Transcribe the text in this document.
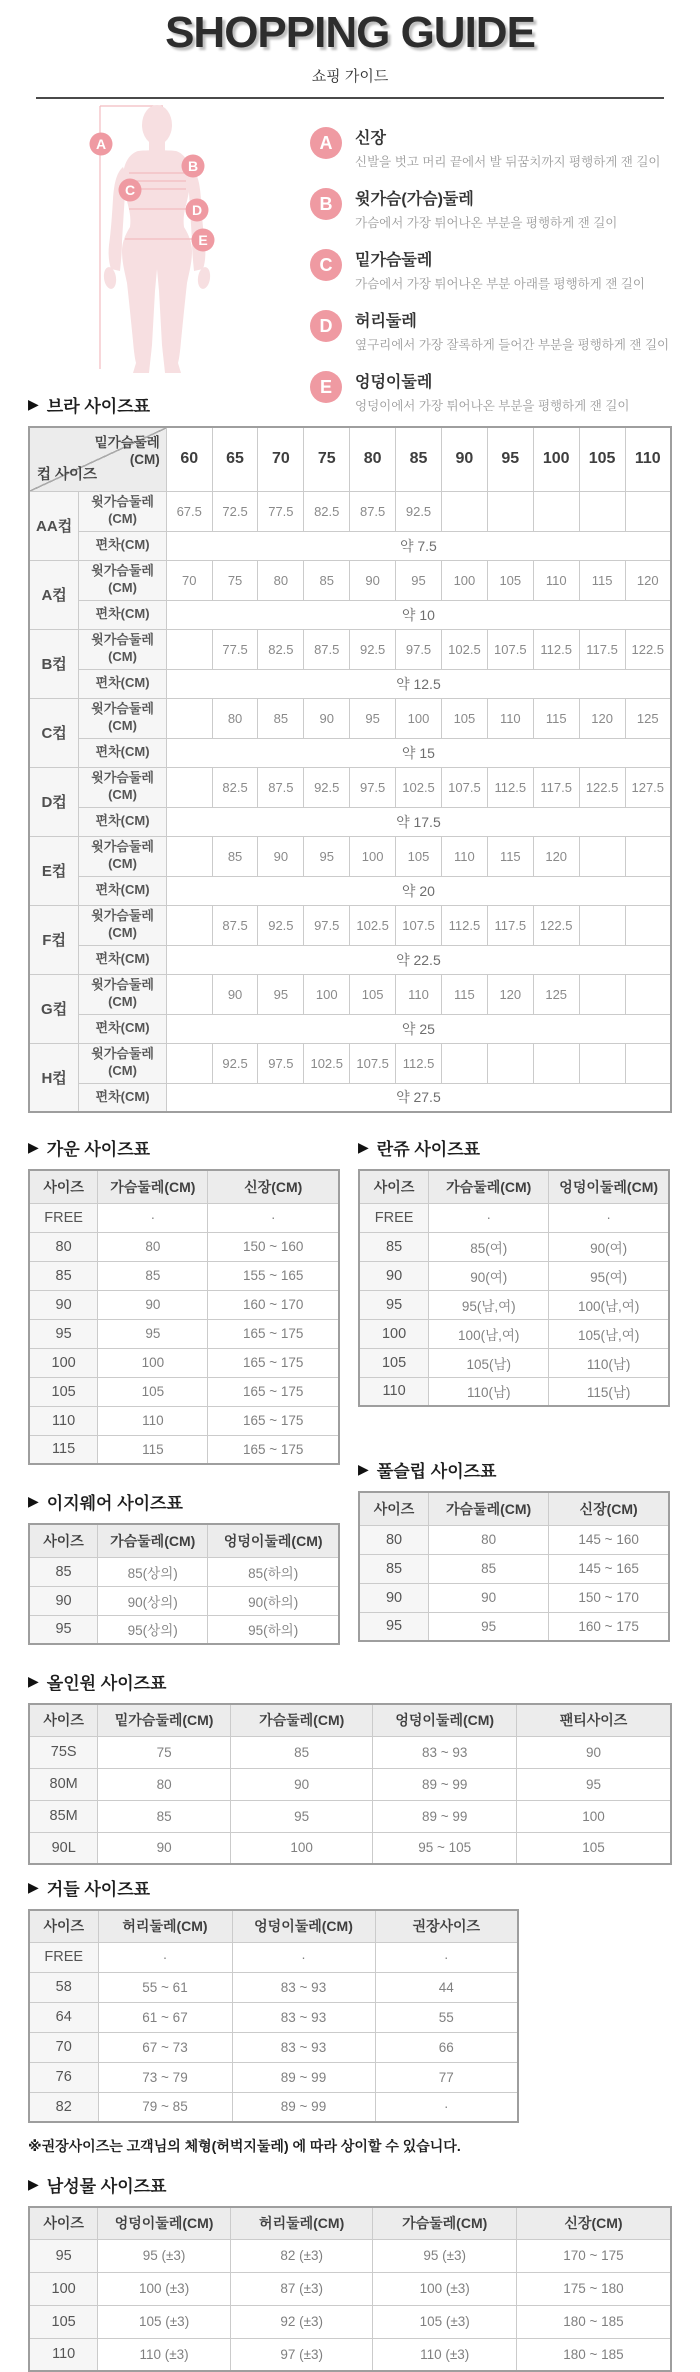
SHOPPING GUIDE
쇼핑 가이드
A
B
C
D
E
A	신장
신발을 벗고 머리 끝에서 발 뒤꿈치까지 평행하게 잰 길이
B	윗가슴(가슴)둘레
가슴에서 가장 튀어나온 부분을 평행하게 잰 길이
C	밑가슴둘레
가슴에서 가장 튀어나온 부분 아래를 평행하게 잰 길이
D	허리둘레
옆구리에서 가장 잘록하게 들어간 부분을 평행하게 잰 길이
E	엉덩이둘레
엉덩이에서 가장 튀어나온 부분을 평행하게 잰 길이
▶ 브라 사이즈표
밑가슴둘레 (CM)
컵 사이즈		60	65	70	75	80	85	90	95	100	105	110
AA컵	윗가슴둘레 (CM)	67.5	72.5	77.5	82.5	87.5	92.5					
	편차(CM)	약 7.5										
A컵	윗가슴둘레 (CM)	70	75	80	85	90	95	100	105	110	115	120
	편차(CM)	약 10										
B컵	윗가슴둘레 (CM)		77.5	82.5	87.5	92.5	97.5	102.5	107.5	112.5	117.5	122.5
	편차(CM)	약 12.5										
C컵	윗가슴둘레 (CM)		80	85	90	95	100	105	110	115	120	125
	편차(CM)	약 15										
D컵	윗가슴둘레 (CM)		82.5	87.5	92.5	97.5	102.5	107.5	112.5	117.5	122.5	127.5
	편차(CM)	약 17.5										
E컵	윗가슴둘레 (CM)		85	90	95	100	105	110	115	120		
	편차(CM)	약 20										
F컵	윗가슴둘레 (CM)		87.5	92.5	97.5	102.5	107.5	112.5	117.5	122.5		
	편차(CM)	약 22.5										
G컵	윗가슴둘레 (CM)		90	95	100	105	110	115	120	125		
	편차(CM)	약 25										
H컵	윗가슴둘레 (CM)		92.5	97.5	102.5	107.5	112.5					
	편차(CM)	약 27.5										
▶ 가운 사이즈표
사이즈	가슴둘레(CM)	신장(CM)
FREE	·	·
80	80	150 ~ 160
85	85	155 ~ 165
90	90	160 ~ 170
95	95	165 ~ 175
100	100	165 ~ 175
105	105	165 ~ 175
110	110	165 ~ 175
115	115	165 ~ 175
▶ 이지웨어 사이즈표
사이즈	가슴둘레(CM)	엉덩이둘레(CM)
85	85(상의)	85(하의)
90	90(상의)	90(하의)
95	95(상의)	95(하의)
▶ 란쥬 사이즈표
사이즈	가슴둘레(CM)	엉덩이둘레(CM)
FREE	·	·
85	85(여)	90(여)
90	90(여)	95(여)
95	95(남,여)	100(남,여)
100	100(남,여)	105(남,여)
105	105(남)	110(남)
110	110(남)	115(남)
▶ 풀슬립 사이즈표
사이즈	가슴둘레(CM)	신장(CM)
80	80	145 ~ 160
85	85	145 ~ 165
90	90	150 ~ 170
95	95	160 ~ 175
▶ 올인원 사이즈표
사이즈	밑가슴둘레(CM)	가슴둘레(CM)	엉덩이둘레(CM)	팬티사이즈
75S	75	85	83 ~ 93	90
80M	80	90	89 ~ 99	95
85M	85	95	89 ~ 99	100
90L	90	100	95 ~ 105	105
▶ 거들 사이즈표
사이즈	허리둘레(CM)	엉덩이둘레(CM)	권장사이즈
FREE	·	·	·
58	55 ~ 61	83 ~ 93	44
64	61 ~ 67	83 ~ 93	55
70	67 ~ 73	83 ~ 93	66
76	73 ~ 79	89 ~ 99	77
82	79 ~ 85	89 ~ 99	·
※권장사이즈는 고객님의 체형(허벅지둘레) 에 따라 상이할 수 있습니다.
▶ 남성물 사이즈표
사이즈	엉덩이둘레(CM)	허리둘레(CM)	가슴둘레(CM)	신장(CM)
95	95 (±3)	82 (±3)	95 (±3)	170 ~ 175
100	100 (±3)	87 (±3)	100 (±3)	175 ~ 180
105	105 (±3)	92 (±3)	105 (±3)	180 ~ 185
110	110 (±3)	97 (±3)	110 (±3)	180 ~ 185
